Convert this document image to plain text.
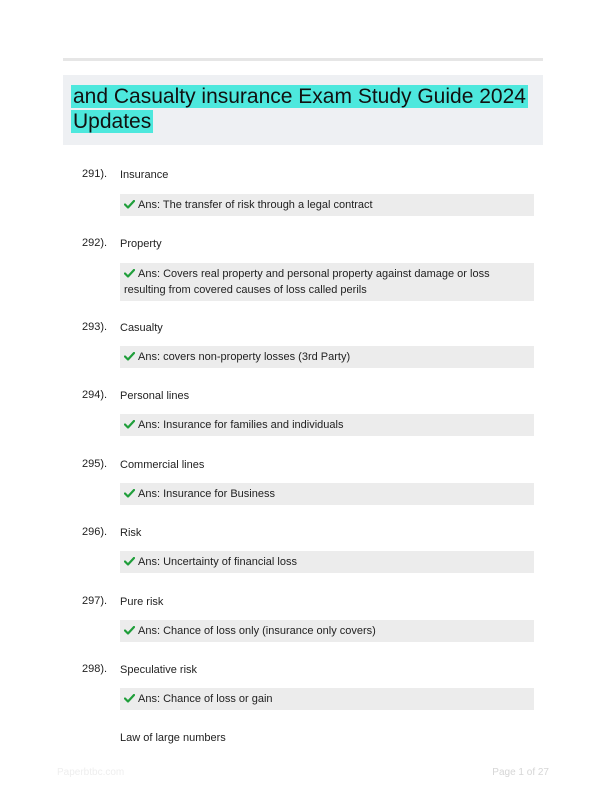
and Casualty insurance Exam Study Guide 2024 Updates
291). Insurance
Ans: The transfer of risk through a legal contract
292). Property
Ans: Covers real property and personal property against damage or loss resulting from covered causes of loss called perils
293). Casualty
Ans: covers non-property losses (3rd Party)
294). Personal lines
Ans: Insurance for families and individuals
295). Commercial lines
Ans: Insurance for Business
296). Risk
Ans: Uncertainty of financial loss
297). Pure risk
Ans: Chance of loss only (insurance only covers)
298). Speculative risk
Ans: Chance of loss or gain
Law of large numbers
Paperbtbc.com	Page 1 of 27
